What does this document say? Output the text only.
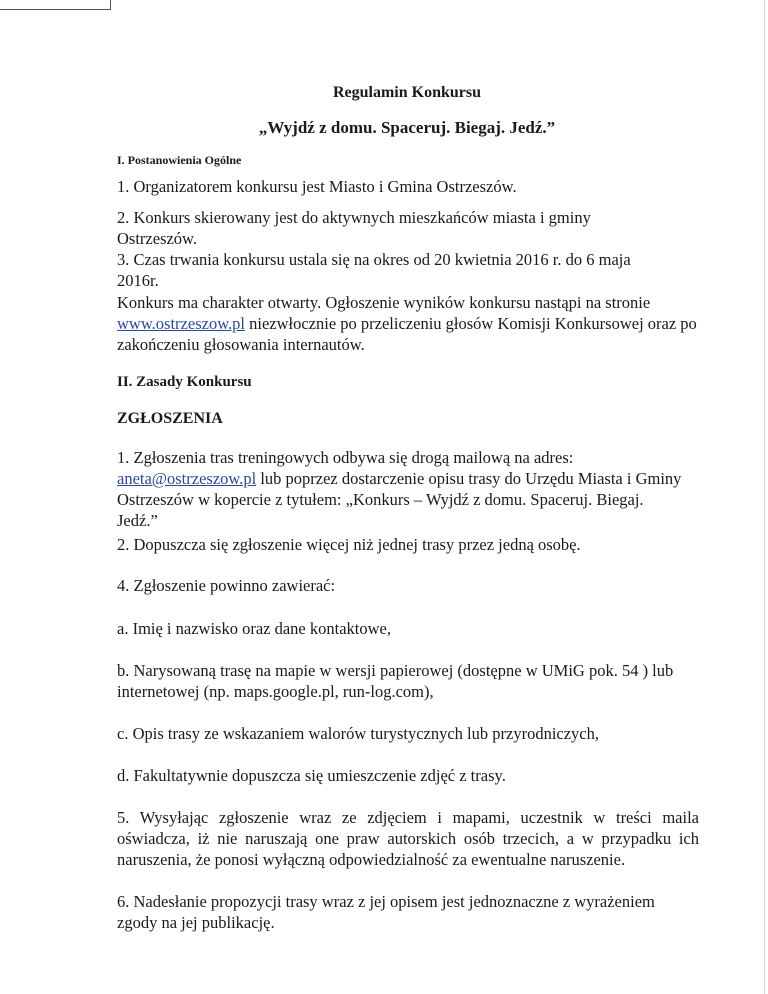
Regulamin Konkursu
„Wyjdź z domu. Spaceruj. Biegaj. Jedź.”
I. Postanowienia Ogólne
1. Organizatorem konkursu jest Miasto i Gmina Ostrzeszów.
2. Konkurs skierowany jest do aktywnych mieszkańców miasta i gminy Ostrzeszów.
3. Czas trwania konkursu ustala się na okres od 20 kwietnia 2016 r. do 6 maja 2016r.
Konkurs ma charakter otwarty. Ogłoszenie wyników konkursu nastąpi na stronie
www.ostrzeszow.pl niezwłocznie po przeliczeniu głosów Komisji Konkursowej oraz po zakończeniu głosowania internautów.
II. Zasady Konkursu
ZGŁOSZENIA
1. Zgłoszenia tras treningowych odbywa się drogą mailową na adres: aneta@ostrzeszow.pl lub poprzez dostarczenie opisu trasy do Urzędu Miasta i Gminy Ostrzeszów w kopercie z tytułem: „Konkurs – Wyjdź z domu. Spaceruj. Biegaj. Jedź.”
2. Dopuszcza się zgłoszenie więcej niż jednej trasy przez jedną osobę.
4. Zgłoszenie powinno zawierać:
a. Imię i nazwisko oraz dane kontaktowe,
b. Narysowaną trasę na mapie w wersji papierowej (dostępne w UMiG pok. 54 ) lub internetowej (np. maps.google.pl, run-log.com),
c. Opis trasy ze wskazaniem walorów turystycznych lub przyrodniczych,
d. Fakultatywnie dopuszcza się umieszczenie zdjęć z trasy.
5. Wysyłając zgłoszenie wraz ze zdjęciem i mapami, uczestnik w treści maila oświadcza, iż nie naruszają one praw autorskich osób trzecich, a w przypadku ich naruszenia, że ponosi wyłączną odpowiedzialność za ewentualne naruszenie.
6. Nadesłanie propozycji trasy wraz z jej opisem jest jednoznaczne z wyrażeniem zgody na jej publikację.
